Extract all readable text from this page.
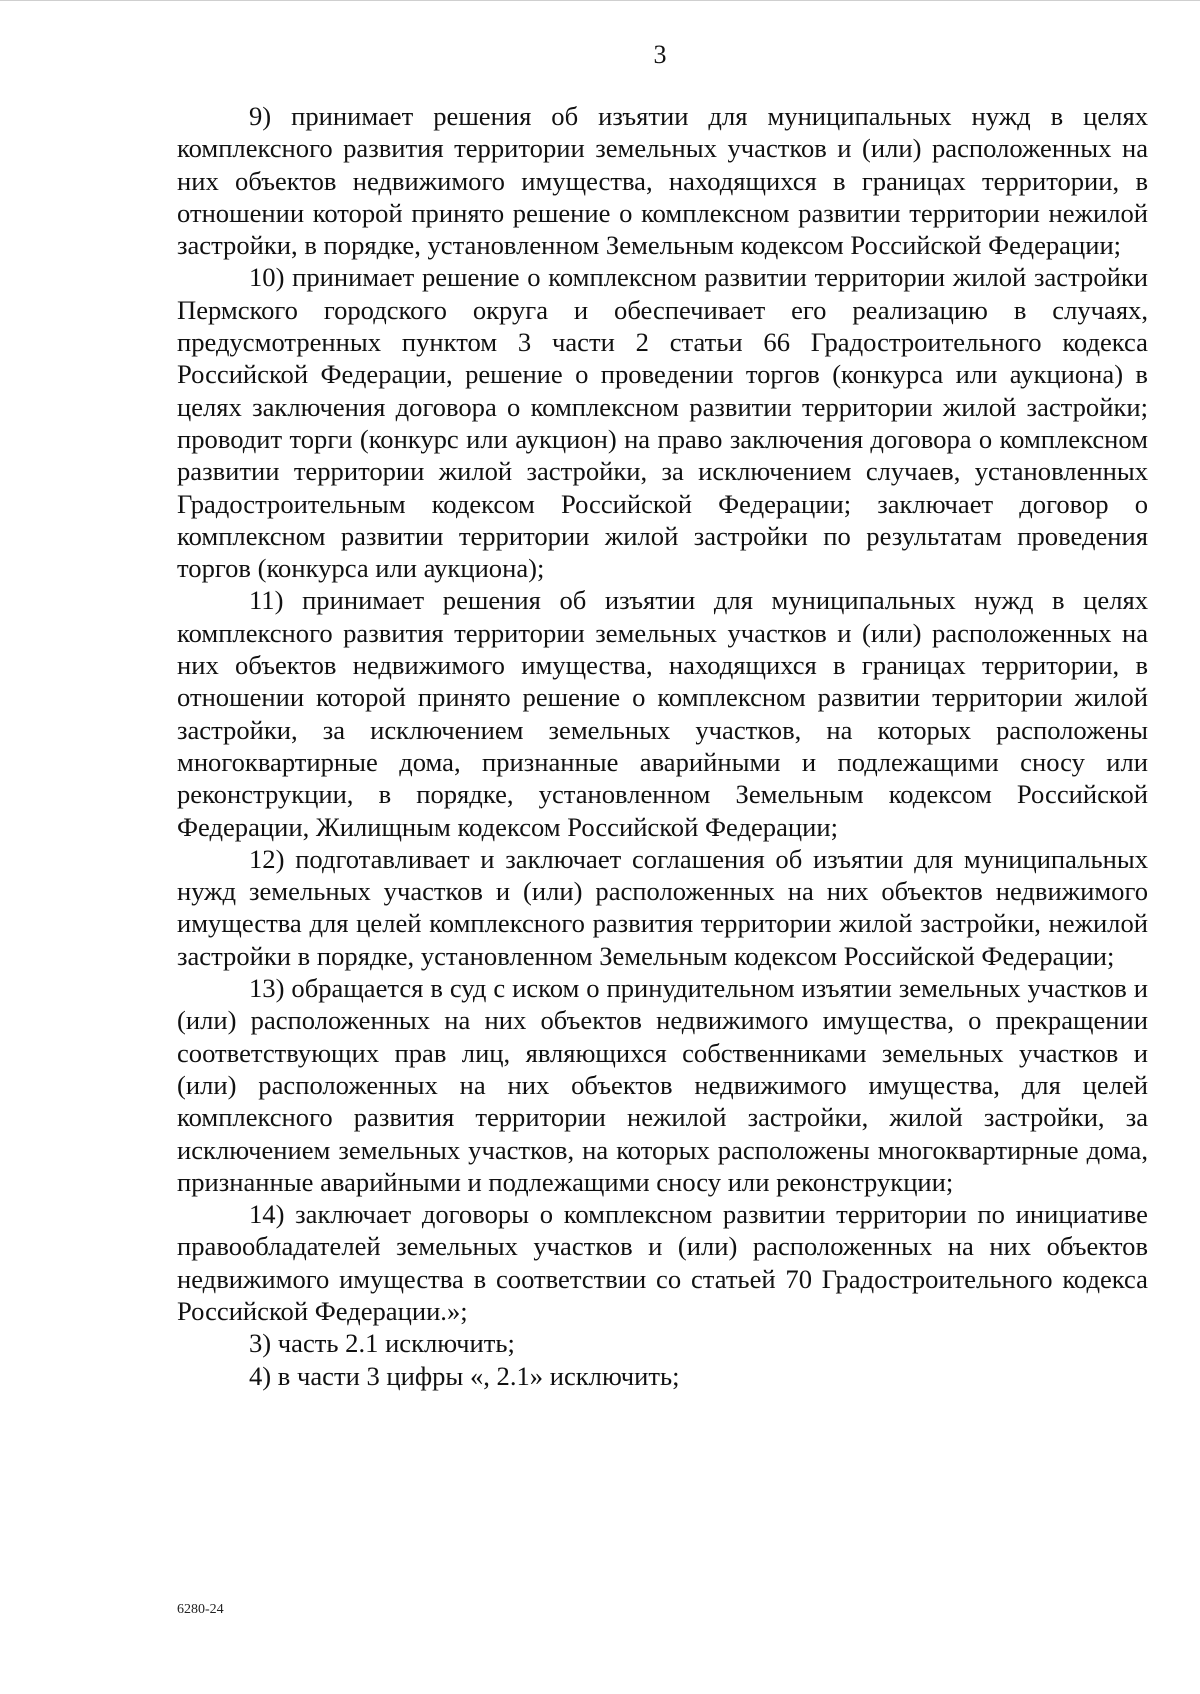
3

9) принимает решения об изъятии для муниципальных нужд в целях комплексного развития территории земельных участков и (или) расположенных на них объектов недвижимого имущества, находящихся в границах территории, в отношении которой принято решение о комплексном развитии территории нежилой застройки, в порядке, установленном Земельным кодексом Российской Федерации;

10) принимает решение о комплексном развитии территории жилой застройки Пермского городского округа и обеспечивает его реализацию в случаях, предусмотренных пунктом 3 части 2 статьи 66 Градостроительного кодекса Российской Федерации, решение о проведении торгов (конкурса или аукциона) в целях заключения договора о комплексном развитии территории жилой застройки; проводит торги (конкурс или аукцион) на право заключения договора о комплексном развитии территории жилой застройки, за исключением случаев, установленных Градостроительным кодексом Российской Федерации; заключает договор о комплексном развитии территории жилой застройки по результатам проведения торгов (конкурса или аукциона);

11) принимает решения об изъятии для муниципальных нужд в целях комплексного развития территории земельных участков и (или) расположенных на них объектов недвижимого имущества, находящихся в границах территории, в отношении которой принято решение о комплексном развитии территории жилой застройки, за исключением земельных участков, на которых расположены многоквартирные дома, признанные аварийными и подлежащими сносу или реконструкции, в порядке, установленном Земельным кодексом Российской Федерации, Жилищным кодексом Российской Федерации;

12) подготавливает и заключает соглашения об изъятии для муниципальных нужд земельных участков и (или) расположенных на них объектов недвижимого имущества для целей комплексного развития территории жилой застройки, нежилой застройки в порядке, установленном Земельным кодексом Российской Федерации;

13) обращается в суд с иском о принудительном изъятии земельных участков и (или) расположенных на них объектов недвижимого имущества, о прекращении соответствующих прав лиц, являющихся собственниками земельных участков и (или) расположенных на них объектов недвижимого имущества, для целей комплексного развития территории нежилой застройки, жилой застройки, за исключением земельных участков, на которых расположены многоквартирные дома, признанные аварийными и подлежащими сносу или реконструкции;

14) заключает договоры о комплексном развитии территории по инициативе правообладателей земельных участков и (или) расположенных на них объектов недвижимого имущества в соответствии со статьей 70 Градостроительного кодекса Российской Федерации.»;

3) часть 2.1 исключить;

4) в части 3 цифры «, 2.1» исключить;

6280-24
